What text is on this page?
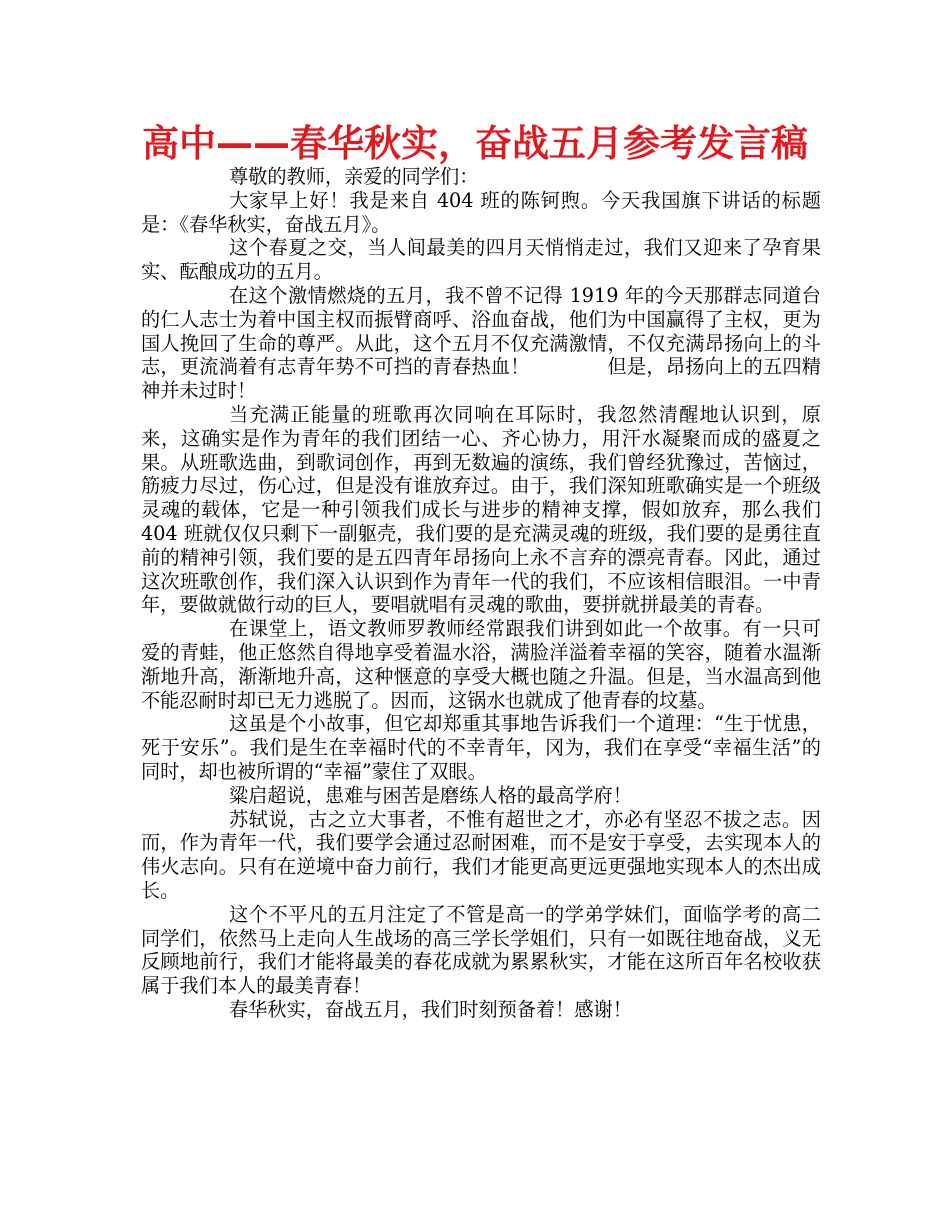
高中——春华秋实，奋战五月参考发言稿

尊敬的教师，亲爱的同学们：

大家早上好！我是来自 404 班的陈钶煦。今天我国旗下讲话的标题是：《春华秋实，奋战五月》。

这个春夏之交，当人间最美的四月天悄悄走过，我们又迎来了孕育果实、酝酿成功的五月。

在这个激情燃烧的五月，我不曾不记得 1919 年的今天那群志同道台的仁人志士为着中国主权而振臂商呼、浴血奋战，他们为中国赢得了主权，更为国人挽回了生命的尊严。从此，这个五月不仅充满激情，不仅充满昂扬向上的斗志，更流淌着有志青年势不可挡的青春热血！　　　　但是，昂扬向上的五四精神并未过时！

当充满正能量的班歌再次同响在耳际时，我忽然清醒地认识到，原来，这确实是作为青年的我们团结一心、齐心协力，用汗水凝聚而成的盛夏之果。从班歌选曲，到歌词创作，再到无数遍的演练，我们曾经犹豫过，苦恼过，筋疲力尽过，伤心过，但是没有谁放弃过。由于，我们深知班歌确实是一个班级灵魂的载体，它是一种引领我们成长与进步的精神支撑，假如放弃，那么我们 404 班就仅仅只剩下一副躯壳，我们要的是充满灵魂的班级，我们要的是勇往直前的精神引领，我们要的是五四青年昂扬向上永不言弃的漂亮青春。冈此，通过这次班歌创作，我们深入认识到作为青年一代的我们，不应该相信眼泪。一中青年，要做就做行动的巨人，要唱就唱有灵魂的歌曲，要拼就拼最美的青春。

在课堂上，语文教师罗教师经常跟我们讲到如此一个故事。有一只可爱的青蛙，他正悠然自得地享受着温水浴，满脸洋溢着幸福的笑容，随着水温渐渐地升高，渐渐地升高，这种惬意的享受大概也随之升温。但是，当水温高到他不能忍耐时却已无力逃脱了。因而，这锅水也就成了他青春的坟墓。

这虽是个小故事，但它却郑重其事地告诉我们一个道理：“生于忧患，死于安乐”。我们是生在幸福时代的不幸青年，冈为，我们在享受“幸福生活”的同时，却也被所谓的“幸福”蒙住了双眼。

粱启超说，患难与困苦是磨练人格的最高学府！

苏轼说，古之立大事者，不惟有超世之才，亦必有坚忍不拔之志。因而，作为青年一代，我们要学会通过忍耐困难，而不是安于享受，去实现本人的伟火志向。只有在逆境中奋力前行，我们才能更高更远更强地实现本人的杰出成长。

这个不平凡的五月注定了不管是高一的学弟学妹们，面临学考的高二同学们，依然马上走向人生战场的高三学长学姐们，只有一如既往地奋战，义无反顾地前行，我们才能将最美的春花成就为累累秋实，才能在这所百年名校收获属于我们本人的最美青春！

春华秋实，奋战五月，我们时刻预备着！感谢！
